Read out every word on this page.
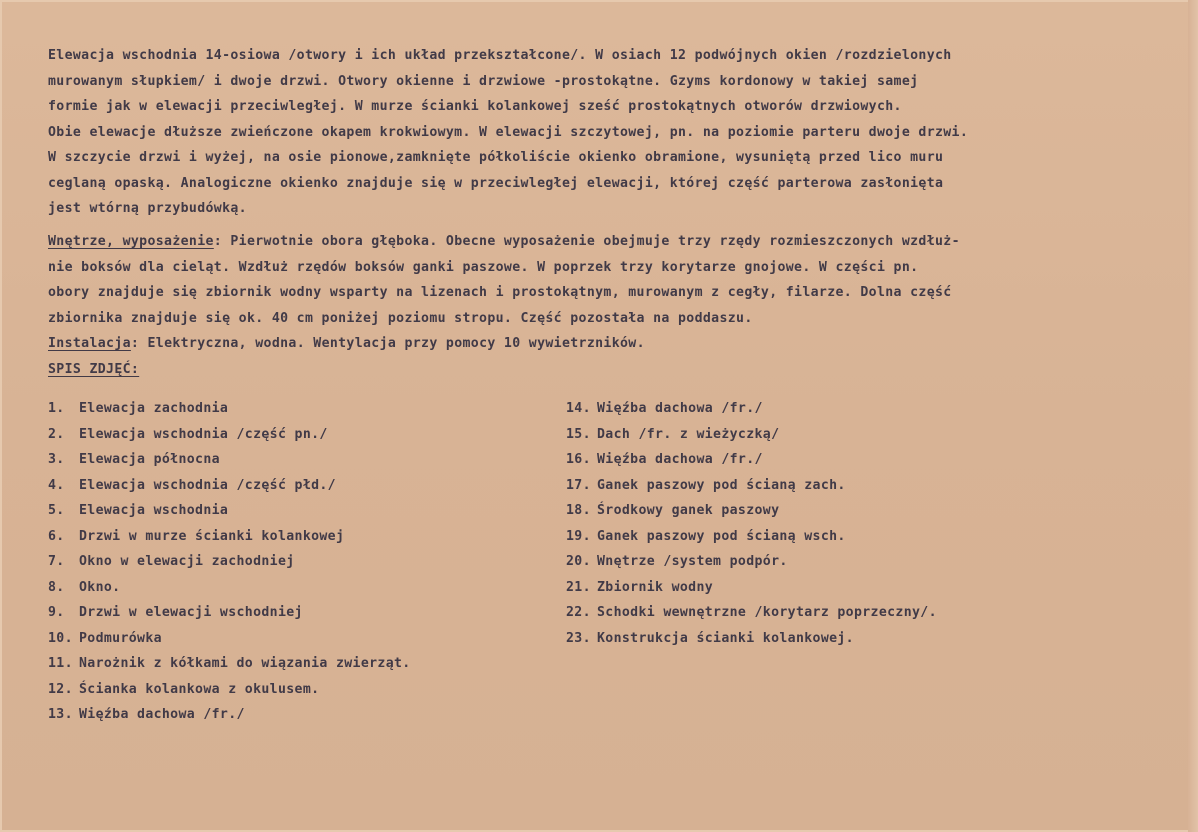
Elewacja wschodnia 14-osiowa /otwory i ich układ przekształcone/. W osiach 12 podwójnych okien /rozdzielonych
murowanym słupkiem/ i dwoje drzwi. Otwory okienne i drzwiowe -prostokątne. Gzyms kordonowy w takiej samej
formie jak w elewacji przeciwległej. W murze ścianki kolankowej sześć prostokątnych otworów drzwiowych.
Obie elewacje dłuższe zwieńczone okapem krokwiowym. W elewacji szczytowej, pn. na poziomie parteru dwoje drzwi.
W szczycie drzwi i wyżej, na osie pionowe,zamknięte półkoliście okienko obramione, wysuniętą przed lico muru
ceglaną opaską. Analogiczne okienko znajduje się w przeciwległej elewacji, której część parterowa zasłonięta
jest wtórną przybudówką.
Wnętrze, wyposażenie: Pierwotnie obora głęboka. Obecne wyposażenie obejmuje trzy rzędy rozmieszczonych wzdłuż-
nie boksów dla cieląt. Wzdłuż rzędów boksów ganki paszowe. W poprzek trzy korytarze gnojowe. W części pn.
obory znajduje się zbiornik wodny wsparty na lizenach i prostokątnym, murowanym z cegły, filarze. Dolna część
zbiornika znajduje się ok. 40 cm poniżej poziomu stropu. Część pozostała na poddaszu.
Instalacja: Elektryczna, wodna. Wentylacja przy pomocy 10 wywietrzników.
SPIS ZDJĘĆ:
1.	Elewacja zachodnia
2.	Elewacja wschodnia /część pn./
3.	Elewacja północna
4.	Elewacja wschodnia /część płd./
5.	Elewacja wschodnia
6.	Drzwi w murze ścianki kolankowej
7.	Okno w elewacji zachodniej
8.	Okno.
9.	Drzwi w elewacji wschodniej
10. Podmurówka
11. Narożnik z kółkami do wiązania zwierząt.
12. Ścianka kolankowa z okulusem.
13. Więźba dachowa /fr./
14. Więźba dachowa /fr./
15. Dach /fr. z wieżyczką/
16. Więźba dachowa /fr./
17. Ganek paszowy pod ścianą zach.
18. Środkowy ganek paszowy
19. Ganek paszowy pod ścianą wsch.
20. Wnętrze /system podpór.
21. Zbiornik wodny
22. Schodki wewnętrzne /korytarz poprzeczny/.
23. Konstrukcja ścianki kolankowej.
